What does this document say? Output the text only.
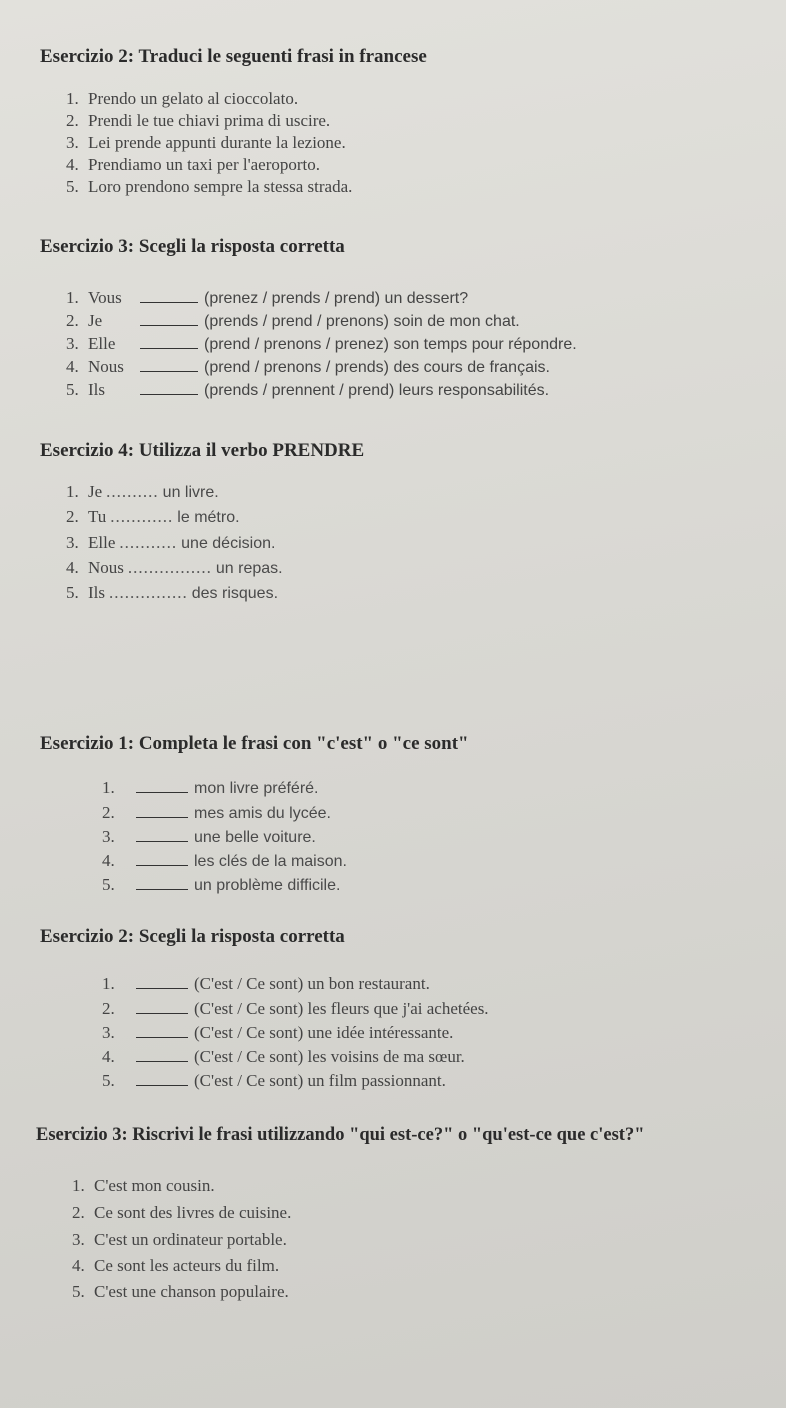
Esercizio 2: Traduci le seguenti frasi in francese
1. Prendo un gelato al cioccolato.
2. Prendi le tue chiavi prima di uscire.
3. Lei prende appunti durante la lezione.
4. Prendiamo un taxi per l'aeroporto.
5. Loro prendono sempre la stessa strada.
Esercizio 3: Scegli la risposta corretta
1. Vous	(prenez / prends / prend) un dessert?
2. Je	(prends / prend / prenons) soin de mon chat.
3. Elle	(prend / prenons / prenez) son temps pour répondre.
4. Nous	(prend / prenons / prends) des cours de français.
5. Ils	(prends / prennent / prend) leurs responsabilités.
Esercizio 4: Utilizza il verbo PRENDRE
1. Je .......... un livre.
2. Tu ............ le métro.
3. Elle ........... une décision.
4. Nous ................ un repas.
5. Ils ............... des risques.
Esercizio 1: Completa le frasi con "c'est" o "ce sont"
1.	mon livre préféré.
2.	mes amis du lycée.
3.	une belle voiture.
4.	les clés de la maison.
5.	un problème difficile.
Esercizio 2: Scegli la risposta corretta
1.	(C'est / Ce sont) un bon restaurant.
2.	(C'est / Ce sont) les fleurs que j'ai achetées.
3.	(C'est / Ce sont) une idée intéressante.
4.	(C'est / Ce sont) les voisins de ma sœur.
5.	(C'est / Ce sont) un film passionnant.
Esercizio 3: Riscrivi le frasi utilizzando "qui est-ce?" o "qu'est-ce que c'est?"
1. C'est mon cousin.
2. Ce sont des livres de cuisine.
3. C'est un ordinateur portable.
4. Ce sont les acteurs du film.
5. C'est une chanson populaire.
